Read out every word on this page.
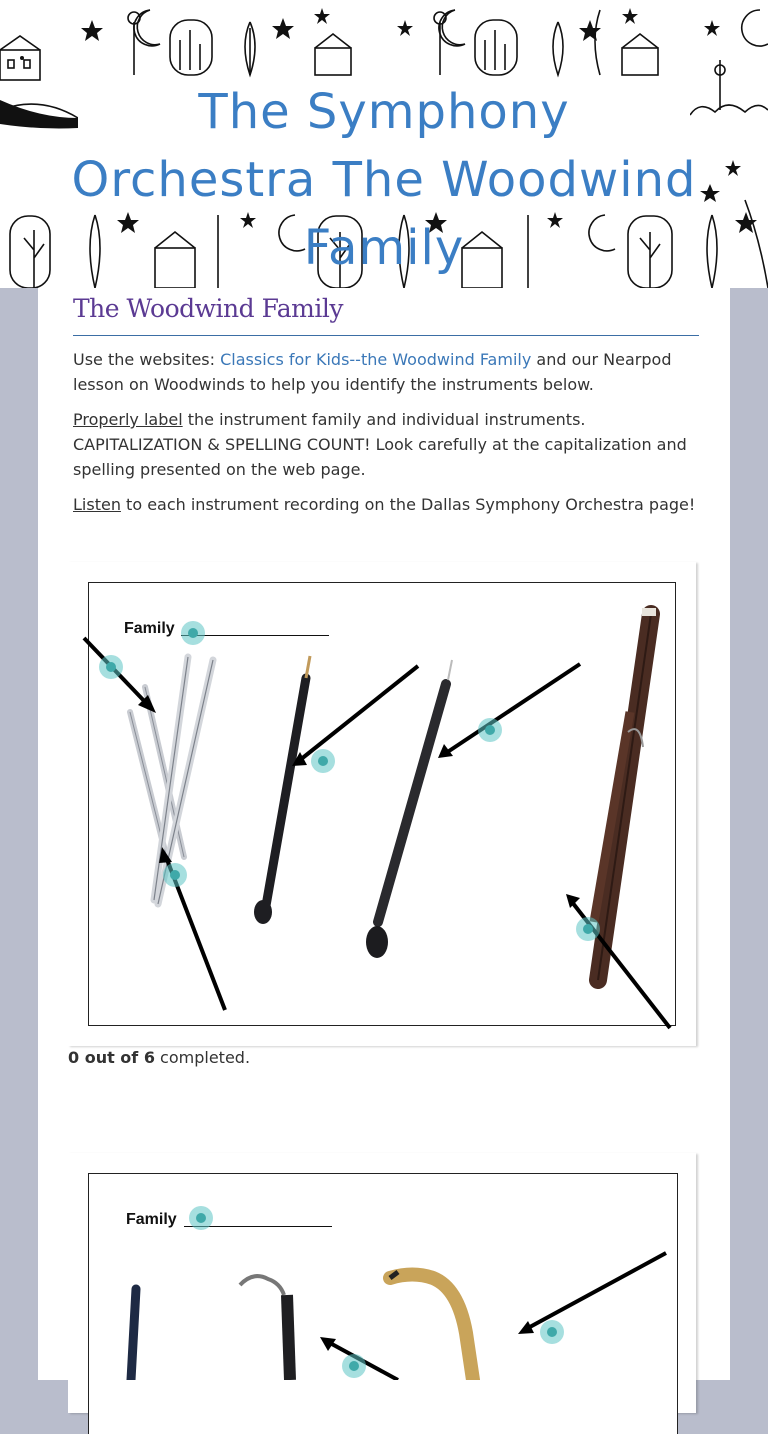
The Symphony Orchestra The Woodwind Family
The Woodwind Family

Use the websites: Classics for Kids--the Woodwind Family and our Nearpod lesson on Woodwinds to help you identify the instruments below.

Properly label the instrument family and individual instruments. CAPITALIZATION & SPELLING COUNT! Look carefully at the capitalization and spelling presented on the web page.

Listen to each instrument recording on the Dallas Symphony Orchestra page!

Family

0 out of 6 completed.

Family
